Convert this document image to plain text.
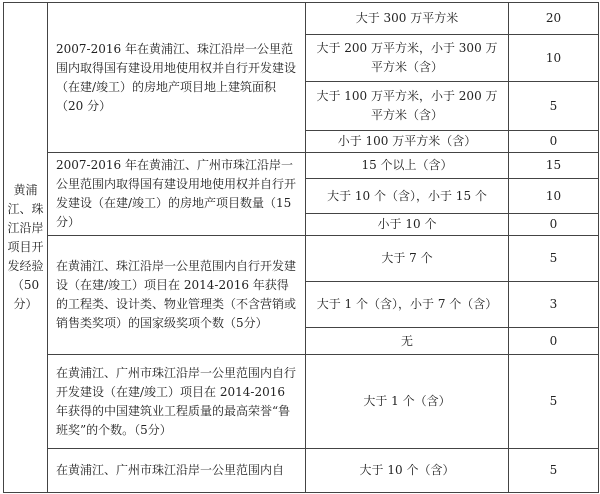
黄浦江、珠江沿岸项目开发经验（50分）	2007-2016 年在黄浦江、珠江沿岸一公里范围内取得国有建设用地使用权并自行开发建设（在建/竣工）的房地产项目地上建筑面积（20 分）	大于 300 万平方米	20
		大于 200 万平方米，小于 300 万平方米（含）	10
		大于 100 万平方米，小于 200 万平方米（含）	5
		小于 100 万平方米（含）	0

	2007-2016 年在黄浦江、广州市珠江沿岸一公里范围内取得国有建设用地使用权并自行开发建设（在建/竣工）的房地产项目数量（15 分）	15 个以上（含）	15
		大于 10 个（含），小于 15 个	10
		小于 10 个	0

	在黄浦江、珠江沿岸一公里范围内自行开发建设（在建/竣工）项目在 2014-2016 年获得的工程类、设计类、物业管理类（不含营销或销售类奖项）的国家级奖项个数（5分）	大于 7 个	5
		大于 1 个（含），小于 7 个（含）	3
		无	0

	在黄浦江、广州市珠江沿岸一公里范围内自行开发建设（在建/竣工）项目在 2014-2016 年获得的中国建筑业工程质量的最高荣誉“鲁班奖”的个数。（5分）	大于 1 个（含）	5

	在黄浦江、广州市珠江沿岸一公里范围内自	大于 10 个（含）	5
